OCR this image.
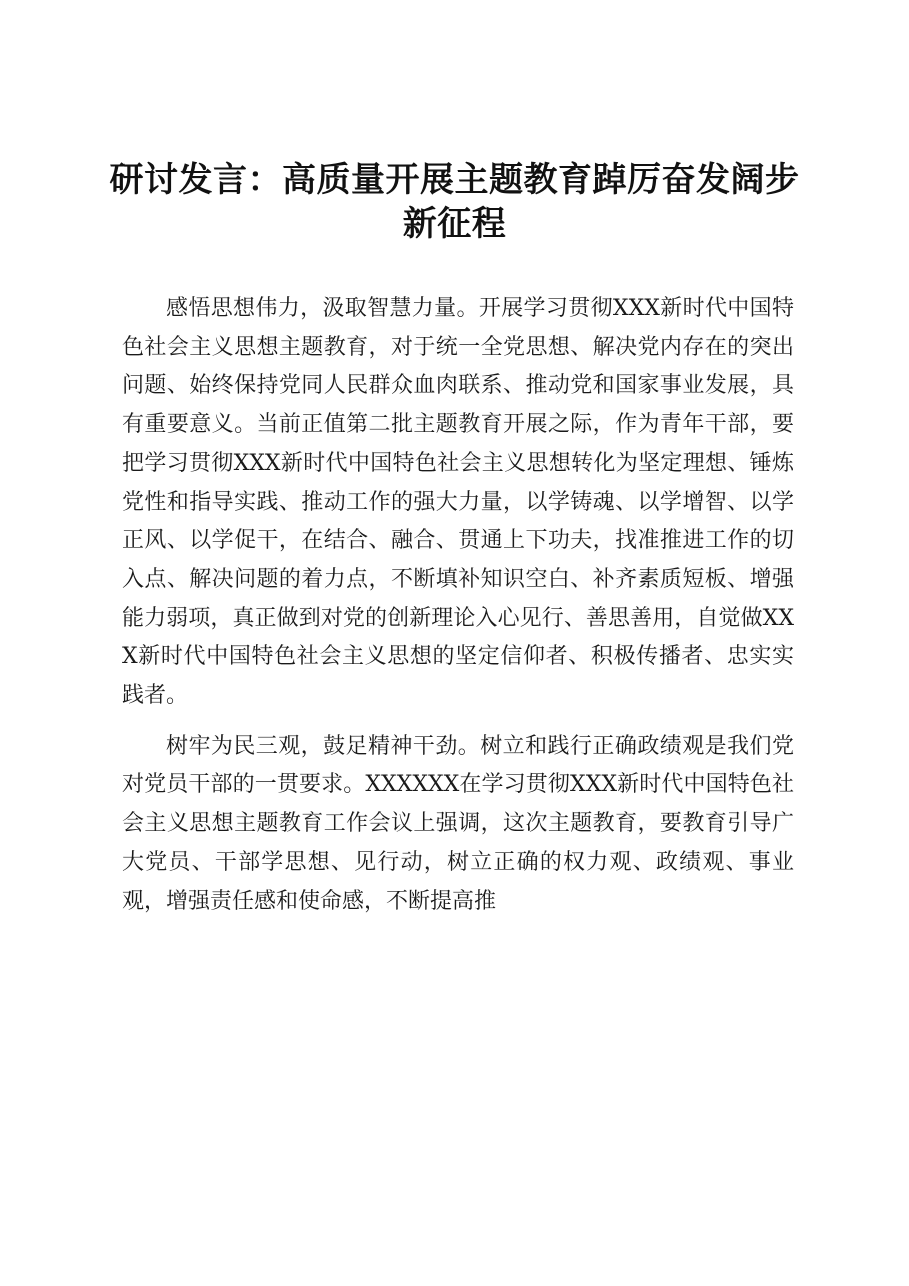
研讨发言：高质量开展主题教育踔厉奋发阔步
新征程

感悟思想伟力，汲取智慧力量。开展学习贯彻XXX新时代中国特色社会主义思想主题教育，对于统一全党思想、解决党内存在的突出问题、始终保持党同人民群众血肉联系、推动党和国家事业发展，具有重要意义。当前正值第二批主题教育开展之际，作为青年干部，要把学习贯彻XXX新时代中国特色社会主义思想转化为坚定理想、锤炼党性和指导实践、推动工作的强大力量，以学铸魂、以学增智、以学正风、以学促干，在结合、融合、贯通上下功夫，找准推进工作的切入点、解决问题的着力点，不断填补知识空白、补齐素质短板、增强能力弱项，真正做到对党的创新理论入心见行、善思善用，自觉做XXX新时代中国特色社会主义思想的坚定信仰者、积极传播者、忠实实践者。

树牢为民三观，鼓足精神干劲。树立和践行正确政绩观是我们党对党员干部的一贯要求。XXXXXX在学习贯彻XXX新时代中国特色社会主义思想主题教育工作会议上强调，这次主题教育，要教育引导广大党员、干部学思想、见行动，树立正确的权力观、政绩观、事业观，增强责任感和使命感，不断提高推
